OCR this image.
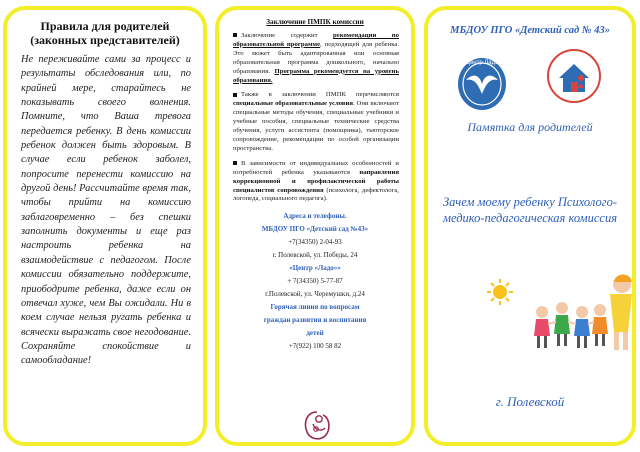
Правила для родителей (законных представителей)
Не переживайте сами за процесс и результаты обследования или, по крайней мере, старайтесь не показывать своего волнения. Помните, что Ваша тревога передается ребенку. В день комиссии ребенок должен быть здоровым. В случае если ребенок заболел, попросите перенести комиссию на другой день! Рассчитайте время так, чтобы прийти на комиссию заблаговременно – без спешки заполнить документы и еще раз настроить ребенка на взаимодействие с педагогом. После комиссии обязательно поддержите, приободрите ребенка, даже если он отвечал хуже, чем Вы ожидали. Ни в коем случае нельзя ругать ребенка и всячески выражать свое негодование. Сохраняйте спокойствие и самообладание!
Заключение ПМПК комиссии
Заключение содержит рекомендации по образовательной программе, подходящей для ребенка. Это может быть адаптированная или основная образовательная программа дошкольного, начально образования. Программа рекомендуется на уровень образования.
Также в заключении ПМПК перечисляются специальные образовательные условия. Они включают специальные методы обучения, специальные учебники и учебные пособия, специальные технические средства обучения, услуги ассистента (помощника), тьюторское сопровождение, рекомендации по особой организации пространства.
В зависимости от индивидуальных особенностей и потребностей ребенка указываются направления коррекционной и профилактической работы специалистов сопровождения (психолога, дефектолога, логопеда, социального педагога).
Адреса и телефоны.
МБДОУ ПГО «Детский сад №43»
+7(34350) 2-04-93
г. Полевской, ул. Победы, 24
«Центр «Ладо»»
+ 7(34350) 5-77-87
г.Полевской, ул. Черемушки, д.24
Горячая линия по вопросам
граждан развития и воспитания
детей
+7(922) 100 58 82
МБДОУ ПГО «Детский сад № 43»
Центр Ладо
Памятка для родителей
Зачем моему ребенку Психолого-медико-педагогическая комиссия
г. Полевской
